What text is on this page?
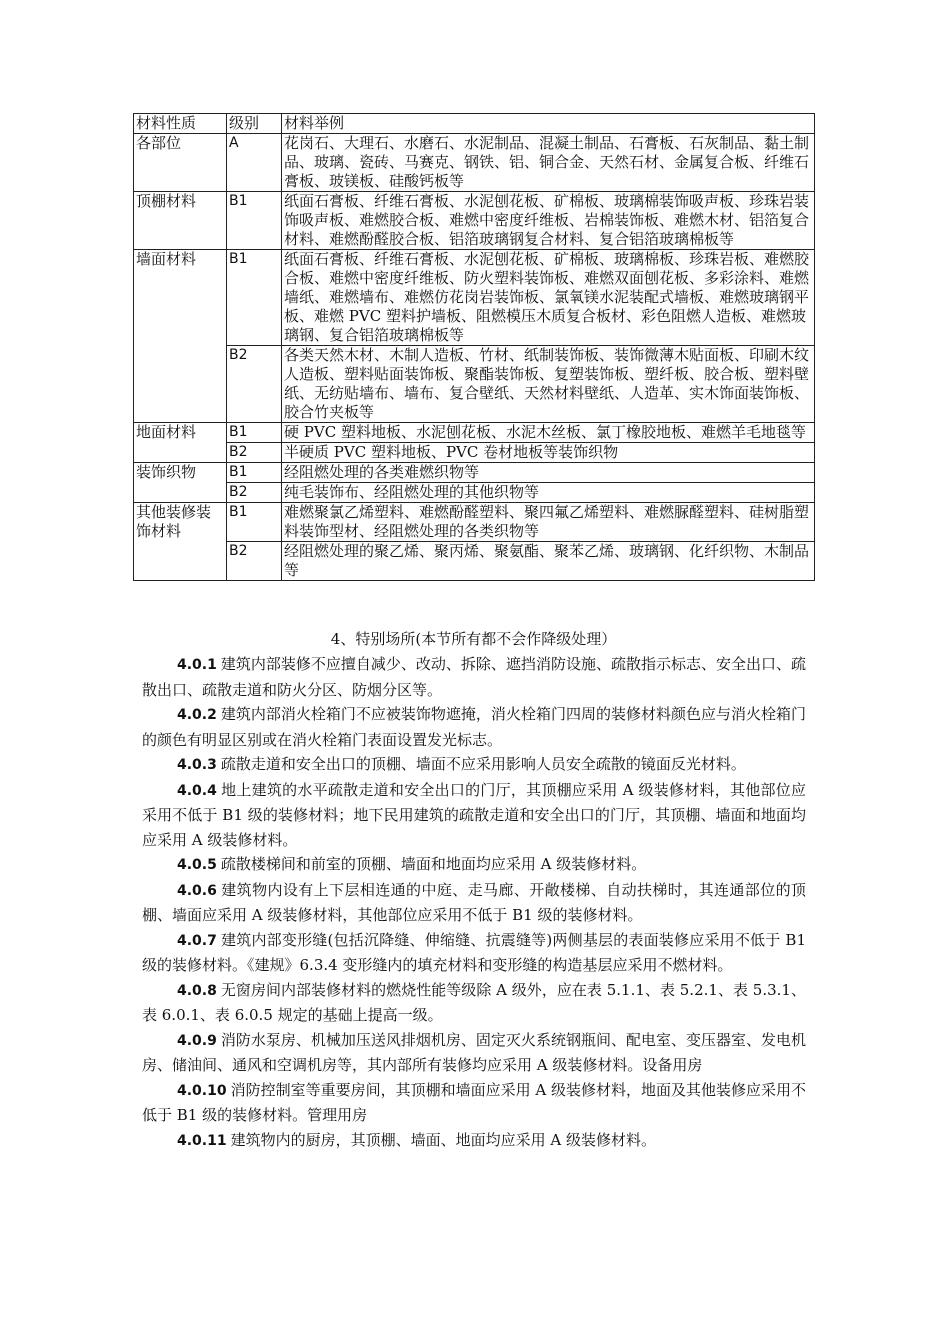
材料性质	级别	材料举例
各部位	A	花岗石、大理石、水磨石、水泥制品、混凝土制品、石膏板、石灰制品、黏土制品、玻璃、瓷砖、马赛克、钢铁、铝、铜合金、天然石材、金属复合板、纤维石膏板、玻镁板、硅酸钙板等
顶棚材料	B1	纸面石膏板、纤维石膏板、水泥刨花板、矿棉板、玻璃棉装饰吸声板、珍珠岩装饰吸声板、难燃胶合板、难燃中密度纤维板、岩棉装饰板、难燃木材、铝箔复合材料、难燃酚醛胶合板、铝箔玻璃钢复合材料、复合铝箔玻璃棉板等
墙面材料	B1	纸面石膏板、纤维石膏板、水泥刨花板、矿棉板、玻璃棉板、珍珠岩板、难燃胶合板、难燃中密度纤维板、防火塑料装饰板、难燃双面刨花板、多彩涂料、难燃墙纸、难燃墙布、难燃仿花岗岩装饰板、氯氧镁水泥装配式墙板、难燃玻璃钢平板、难燃 PVC 塑料护墙板、阻燃模压木质复合板材、彩色阻燃人造板、难燃玻璃钢、复合铝箔玻璃棉板等
	B2	各类天然木材、木制人造板、竹材、纸制装饰板、装饰微薄木贴面板、印刷木纹人造板、塑料贴面装饰板、聚酯装饰板、复塑装饰板、塑纤板、胶合板、塑料壁纸、无纺贴墙布、墙布、复合壁纸、天然材料壁纸、人造革、实木饰面装饰板、胶合竹夹板等
地面材料	B1	硬 PVC 塑料地板、水泥刨花板、水泥木丝板、氯丁橡胶地板、难燃羊毛地毯等
	B2	半硬质 PVC 塑料地板、PVC 卷材地板等装饰织物
装饰织物	B1	经阻燃处理的各类难燃织物等
	B2	纯毛装饰布、经阻燃处理的其他织物等
其他装修装饰材料	B1	难燃聚氯乙烯塑料、难燃酚醛塑料、聚四氟乙烯塑料、难燃脲醛塑料、硅树脂塑料装饰型材、经阻燃处理的各类织物等
	B2	经阻燃处理的聚乙烯、聚丙烯、聚氨酯、聚苯乙烯、玻璃钢、化纤织物、木制品等
4、特别场所(本节所有都不会作降级处理）

4.0.1 建筑内部装修不应擅自减少、改动、拆除、遮挡消防设施、疏散指示标志、安全出口、疏散出口、疏散走道和防火分区、防烟分区等。

4.0.2 建筑内部消火栓箱门不应被装饰物遮掩，消火栓箱门四周的装修材料颜色应与消火栓箱门的颜色有明显区别或在消火栓箱门表面设置发光标志。

4.0.3 疏散走道和安全出口的顶棚、墙面不应采用影响人员安全疏散的镜面反光材料。

4.0.4 地上建筑的水平疏散走道和安全出口的门厅，其顶棚应采用 A 级装修材料，其他部位应采用不低于 B1 级的装修材料；地下民用建筑的疏散走道和安全出口的门厅，其顶棚、墙面和地面均应采用 A 级装修材料。

4.0.5 疏散楼梯间和前室的顶棚、墙面和地面均应采用 A 级装修材料。

4.0.6 建筑物内设有上下层相连通的中庭、走马廊、开敞楼梯、自动扶梯时，其连通部位的顶棚、墙面应采用 A 级装修材料，其他部位应采用不低于 B1 级的装修材料。

4.0.7 建筑内部变形缝(包括沉降缝、伸缩缝、抗震缝等)两侧基层的表面装修应采用不低于 B1 级的装修材料。《建规》6.3.4 变形缝内的填充材料和变形缝的构造基层应采用不燃材料。

4.0.8 无窗房间内部装修材料的燃烧性能等级除 A 级外，应在表 5.1.1、表 5.2.1、表 5.3.1、表 6.0.1、表 6.0.5 规定的基础上提高一级。

4.0.9 消防水泵房、机械加压送风排烟机房、固定灭火系统钢瓶间、配电室、变压器室、发电机房、储油间、通风和空调机房等，其内部所有装修均应采用 A 级装修材料。设备用房

4.0.10 消防控制室等重要房间，其顶棚和墙面应采用 A 级装修材料，地面及其他装修应采用不低于 B1 级的装修材料。管理用房

4.0.11 建筑物内的厨房，其顶棚、墙面、地面均应采用 A 级装修材料。
